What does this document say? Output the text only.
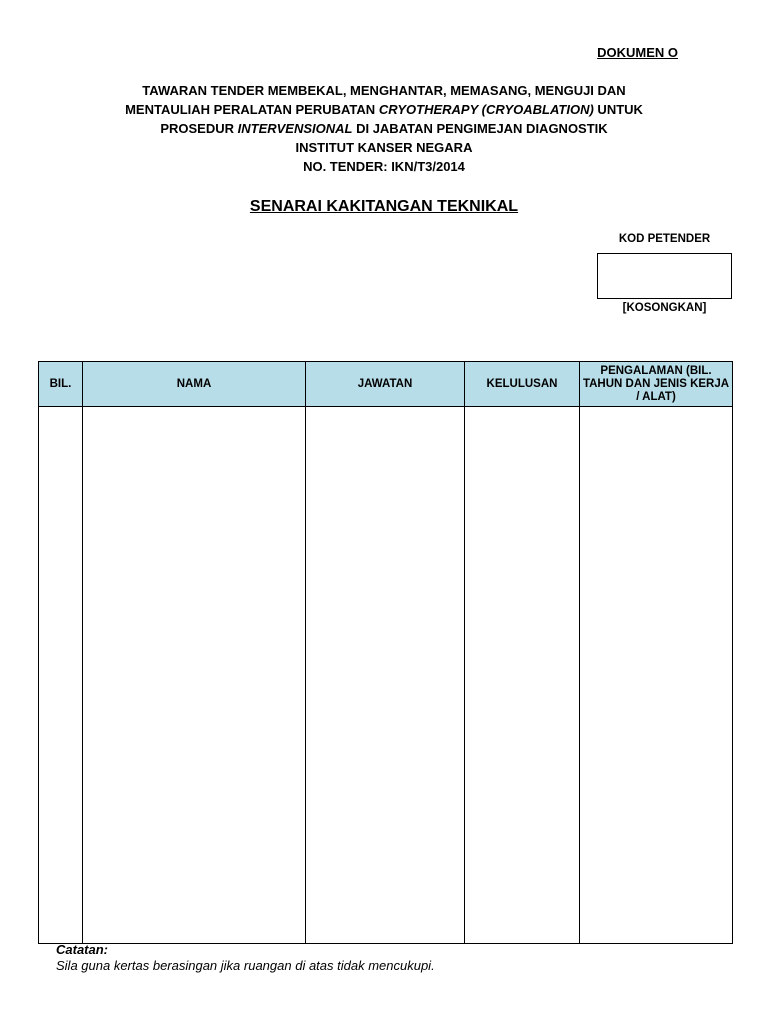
DOKUMEN O
TAWARAN TENDER MEMBEKAL, MENGHANTAR, MEMASANG, MENGUJI DAN
MENTAULIAH PERALATAN PERUBATAN CRYOTHERAPY (CRYOABLATION) UNTUK
PROSEDUR INTERVENSIONAL DI JABATAN PENGIMEJAN DIAGNOSTIK
INSTITUT KANSER NEGARA
NO. TENDER: IKN/T3/2014
SENARAI KAKITANGAN TEKNIKAL
KOD PETENDER
[KOSONGKAN]
BIL.	NAMA	JAWATAN	KELULUSAN	PENGALAMAN (BIL. TAHUN DAN JENIS KERJA / ALAT)

Catatan:
Sila guna kertas berasingan jika ruangan di atas tidak mencukupi.
